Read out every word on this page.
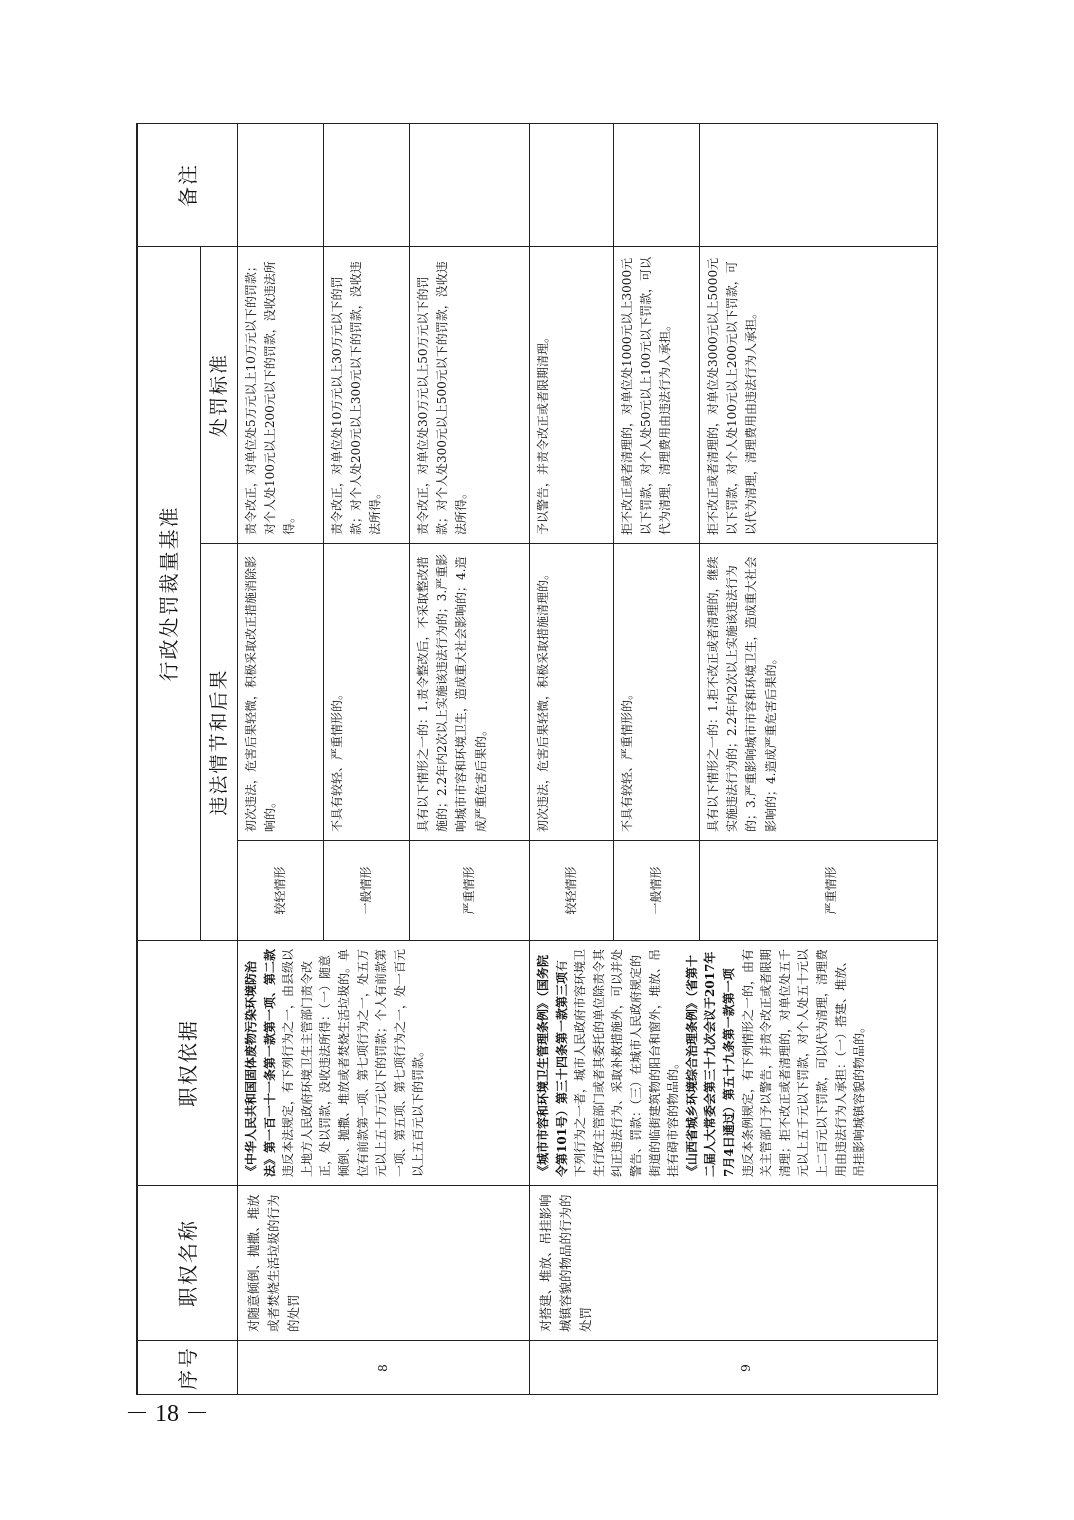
序号	职权名称	职权依据	行政处罚裁量基准			备注
			违法情节和后果		处罚标准	
8	对随意倾倒、抛撒、堆放或者焚烧生活垃圾的行为的处罚	《中华人民共和国固体废物污染环境防治法》第一百一十一条第一款第一项、第二款 违反本法规定，有下列行为之一，由县级以上地方人民政府环境卫生主管部门责令改正，处以罚款，没收违法所得：（一）随意倾倒、抛撒、堆放或者焚烧生活垃圾的。单位有前款第一项、第七项行为之一，处五万元以上五十万元以下的罚款；个人有前款第一项、第五项、第七项行为之一，处一百元以上五百元以下的罚款。	较轻情形	初次违法，危害后果轻微，积极采取改正措施消除影响的。	责令改正，对单位处5万元以上10万元以下的罚款；对个人处100元以上200元以下的罚款，没收违法所得。	
			一般情形	不具有较轻、严重情形的。	责令改正，对单位处10万元以上30万元以下的罚款；对个人处200元以上300元以下的罚款，没收违法所得。	
			严重情形	具有以下情形之一的：1.责令整改后，不采取整改措施的；2.2年内2次以上实施该违法行为的；3.严重影响城市市容和环境卫生，造成重大社会影响的；4.造成严重危害后果的。	责令改正，对单位处30万元以上50万元以下的罚款；对个人处300元以上500元以下的罚款，没收违法所得。	
9	对搭建、堆放、吊挂影响城镇容貌的物品的行为的处罚	《城市市容和环境卫生管理条例》（国务院令第101号）第三十四条第一款第三项有下列行为之一者，城市人民政府市容环境卫生行政主管部门或者其委托的单位除责令其纠正违法行为、采取补救措施外，可以并处警告、罚款：（三）在城市人民政府规定的街道的临街建筑物的阳台和窗外，堆放、吊挂有碍市容的物品的。 《山西省城乡环境综合治理条例》（省第十二届人大常委会第三十九次会议于2017年7月4日通过）第五十九条第一款第一项 违反本条例规定，有下列情形之一的，由有关主管部门予以警告，并责令改正或者限期清理；拒不改正或者清理的，对单位处五千元以上五千元以下罚款，对个人处五十元以上二百元以下罚款，可以代为清理，清理费用由违法行为人承担：（一）搭建、堆放、吊挂影响城镇容貌的物品的。	较轻情形	初次违法，危害后果轻微，积极采取措施清理的。	予以警告，并责令改正或者限期清理。	
			一般情形	不具有较轻、严重情形的。	拒不改正或者清理的，对单位处1000元以上3000元以下罚款，对个人处50元以上100元以下罚款，可以代为清理，清理费用由违法行为人承担。	
			严重情形	具有以下情形之一的：1.拒不改正或者清理的，继续实施违法行为的；2.2年内2次以上实施该违法行为的；3.严重影响城市市容和环境卫生，造成重大社会影响的；4.造成严重危害后果的。	拒不改正或者清理的，对单位处3000元以上5000元以下罚款，对个人处100元以上200元以下罚款，可以代为清理，清理费用由违法行为人承担。	
－ 18 －
